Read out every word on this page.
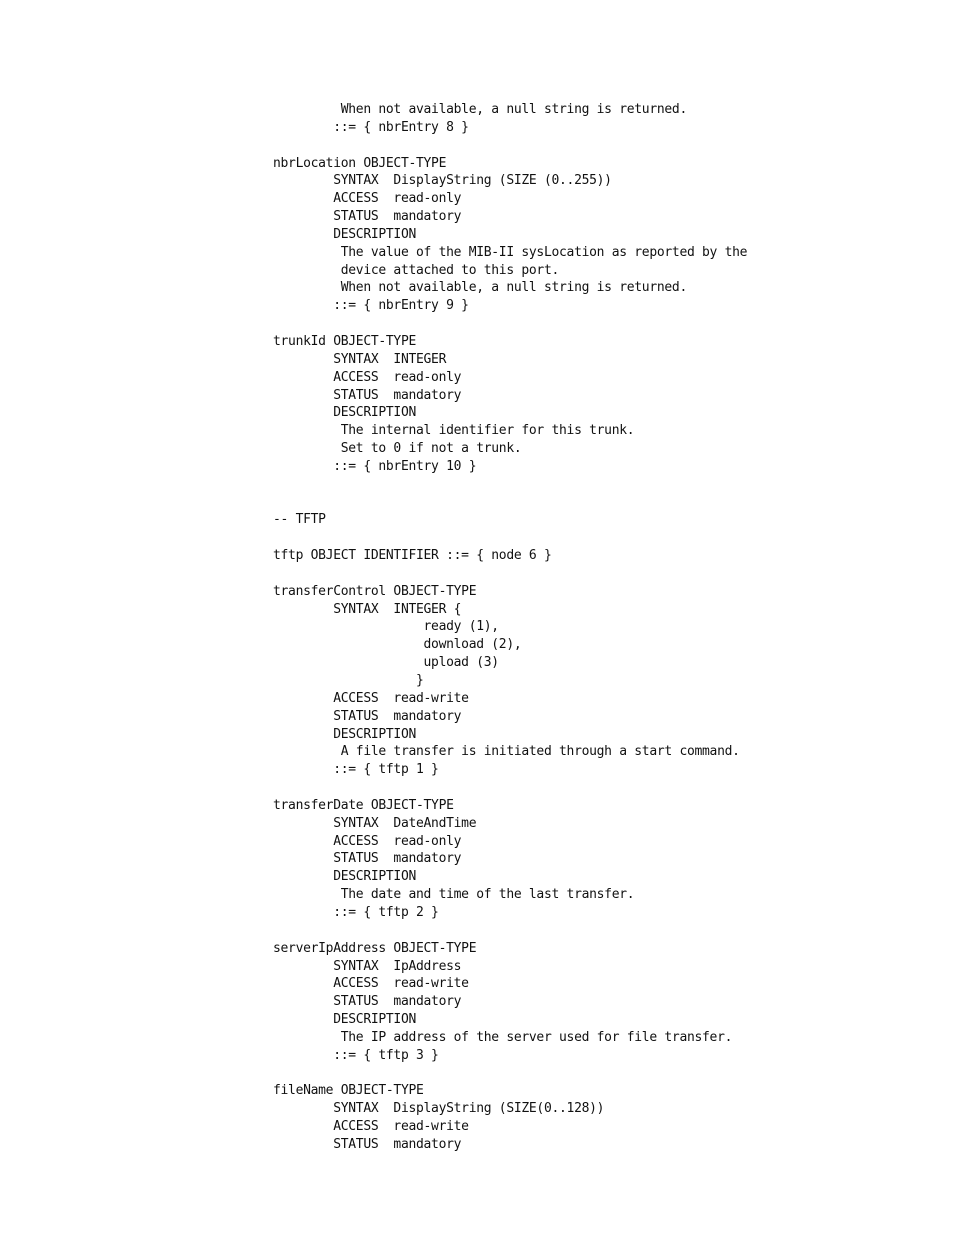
When not available, a null string is returned.
::= { nbrEntry 8 }
nbrLocation OBJECT-TYPE
SYNTAX  DisplayString (SIZE (0..255))
ACCESS  read-only
STATUS  mandatory
DESCRIPTION
The value of the MIB-II sysLocation as reported by the
device attached to this port.
When not available, a null string is returned.
::= { nbrEntry 9 }
trunkId OBJECT-TYPE
SYNTAX  INTEGER
ACCESS  read-only
STATUS  mandatory
DESCRIPTION
The internal identifier for this trunk.
Set to 0 if not a trunk.
::= { nbrEntry 10 }
-- TFTP
tftp OBJECT IDENTIFIER ::= { node 6 }
transferControl OBJECT-TYPE
SYNTAX  INTEGER {
ready (1),
download (2),
upload (3)
}
ACCESS  read-write
STATUS  mandatory
DESCRIPTION
A file transfer is initiated through a start command.
::= { tftp 1 }
transferDate OBJECT-TYPE
SYNTAX  DateAndTime
ACCESS  read-only
STATUS  mandatory
DESCRIPTION
The date and time of the last transfer.
::= { tftp 2 }
serverIpAddress OBJECT-TYPE
SYNTAX  IpAddress
ACCESS  read-write
STATUS  mandatory
DESCRIPTION
The IP address of the server used for file transfer.
::= { tftp 3 }
fileName OBJECT-TYPE
SYNTAX  DisplayString (SIZE(0..128))
ACCESS  read-write
STATUS  mandatory
